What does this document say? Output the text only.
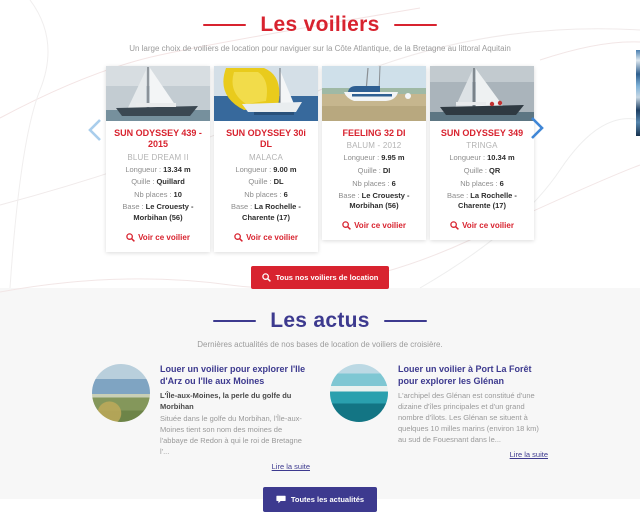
Les voiliers

Un large choix de voiliers de location pour naviguer sur la Côte Atlantique, de la Bretagne au littoral Aquitain

SUN ODYSSEY 439 - 2015
BLUE DREAM II
Longueur : 13.34 m
Quille : Quillard
Nb places : 10
Base : Le Crouesty - Morbihan (56)
Voir ce voilier
SUN ODYSSEY 30i DL
MALACA
Longueur : 9.00 m
Quille : DL
Nb places : 6
Base : La Rochelle - Charente (17)
Voir ce voilier
FEELING 32 DI
BALUM - 2012
Longueur : 9.95 m
Quille : DI
Nb places : 6
Base : Le Crouesty - Morbihan (56)
Voir ce voilier
SUN ODYSSEY 349
TRINGA
Longueur : 10.34 m
Quille : QR
Nb places : 6
Base : La Rochelle - Charente (17)
Voir ce voilier
Tous nos voiliers de location
Les actus

Dernières actualités de nos bases de location de voiliers de croisière.

Louer un voilier pour explorer l'Ile d'Arz ou l'Ile aux Moines

L'Île-aux-Moines, la perle du golfe du Morbihan

Située dans le golfe du Morbihan, l'Île-aux-Moines tient son nom des moines de l'abbaye de Redon à qui le roi de Bretagne l'...

Lire la suite
Louer un voilier à Port La Forêt pour explorer les Glénan

L'archipel des Glénan est constitué d'une dizaine d'îles principales et d'un grand nombre d'îlots. Les Glénan se situent à quelques 10 milles marins (environ 18 km) au sud de Fouesnant dans le...

Lire la suite
Toutes les actualités
